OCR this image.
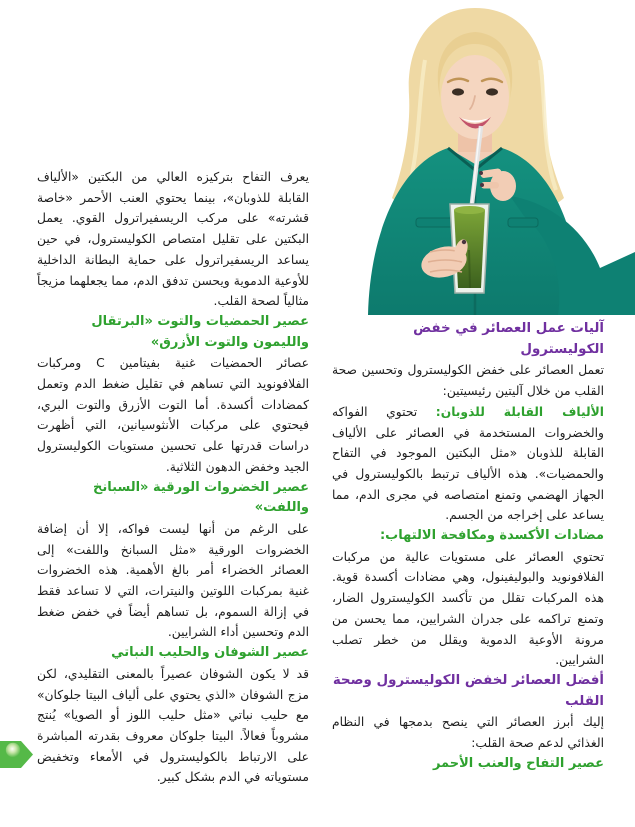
آليات عمل العصائر في خفض الكوليسترول

تعمل العصائر على خفض الكوليسترول وتحسين صحة القلب من خلال آليتين رئيسيتين:

الألياف القابلة للذوبان: تحتوي الفواكه والخضروات المستخدمة في العصائر على الألياف القابلة للذوبان «مثل البكتين الموجود في التفاح والحمضيات». هذه الألياف ترتبط بالكوليسترول في الجهاز الهضمي وتمنع امتصاصه في مجرى الدم، مما يساعد على إخراجه من الجسم.

مضادات الأكسدة ومكافحة الالتهاب:

تحتوي العصائر على مستويات عالية من مركبات الفلافونويد والبوليفينول، وهي مضادات أكسدة قوية. هذه المركبات تقلل من تأكسد الكوليسترول الضار، وتمنع تراكمه على جدران الشرايين، مما يحسن من مرونة الأوعية الدموية ويقلل من خطر تصلب الشرايين.

أفضل العصائر لخفض الكوليسترول وصحة القلب

إليك أبرز العصائر التي ينصح بدمجها في النظام الغذائي لدعم صحة القلب:

عصير التفاح والعنب الأحمر

يعرف التفاح بتركيزه العالي من البكتين «الألياف القابلة للذوبان»، بينما يحتوي العنب الأحمر «خاصة قشرته» على مركب الريسفيراترول القوي. يعمل البكتين على تقليل امتصاص الكوليسترول، في حين يساعد الريسفيراترول على حماية البطانة الداخلية للأوعية الدموية ويحسن تدفق الدم، مما يجعلهما مزيجاً مثالياً لصحة القلب.

عصير الحمضيات والتوت «البرتقال والليمون والتوت الأزرق»

عصائر الحمضيات غنية بفيتامين C ومركبات الفلافونويد التي تساهم في تقليل ضغط الدم وتعمل كمضادات أكسدة. أما التوت الأزرق والتوت البري، فيحتوي على مركبات الأنثوسيانين، التي أظهرت دراسات قدرتها على تحسين مستويات الكوليسترول الجيد وخفض الدهون الثلاثية.

عصير الخضروات الورقية «السبانخ واللفت»

على الرغم من أنها ليست فواكه، إلا أن إضافة الخضروات الورقية «مثل السبانخ واللفت» إلى العصائر الخضراء أمر بالغ الأهمية. هذه الخضروات غنية بمركبات اللوتين والنيترات، التي لا تساعد فقط في إزالة السموم، بل تساهم أيضاً في خفض ضغط الدم وتحسين أداء الشرايين.

عصير الشوفان والحليب النباتي

قد لا يكون الشوفان عصيراً بالمعنى التقليدي، لكن مزج الشوفان «الذي يحتوي على ألياف البيتا جلوكان» مع حليب نباتي «مثل حليب اللوز أو الصويا» يُنتج مشروباً فعالاً. البيتا جلوكان معروف بقدرته المباشرة على الارتباط بالكوليسترول في الأمعاء وتخفيض مستوياته في الدم بشكل كبير.
